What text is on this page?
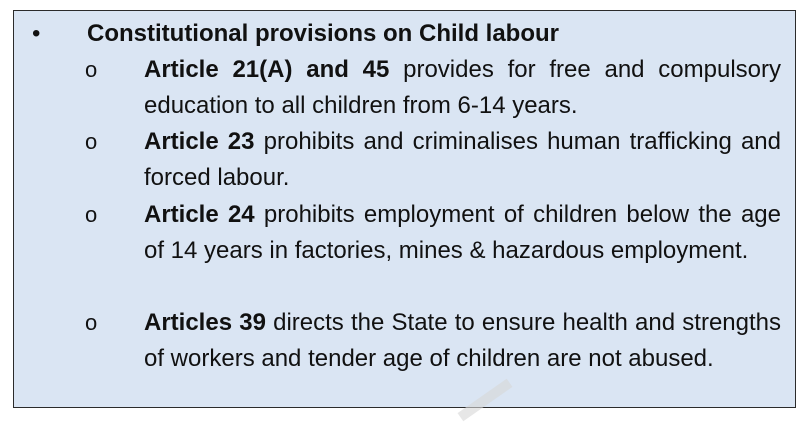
• Constitutional provisions on Child labour
o Article 21(A) and 45 provides for free and compulsory education to all children from 6-14 years.
o Article 23 prohibits and criminalises human trafficking and forced labour.
o Article 24 prohibits employment of children below the age of 14 years in factories, mines & hazardous employment.
o Articles 39 directs the State to ensure health and strengths of workers and tender age of children are not abused.
